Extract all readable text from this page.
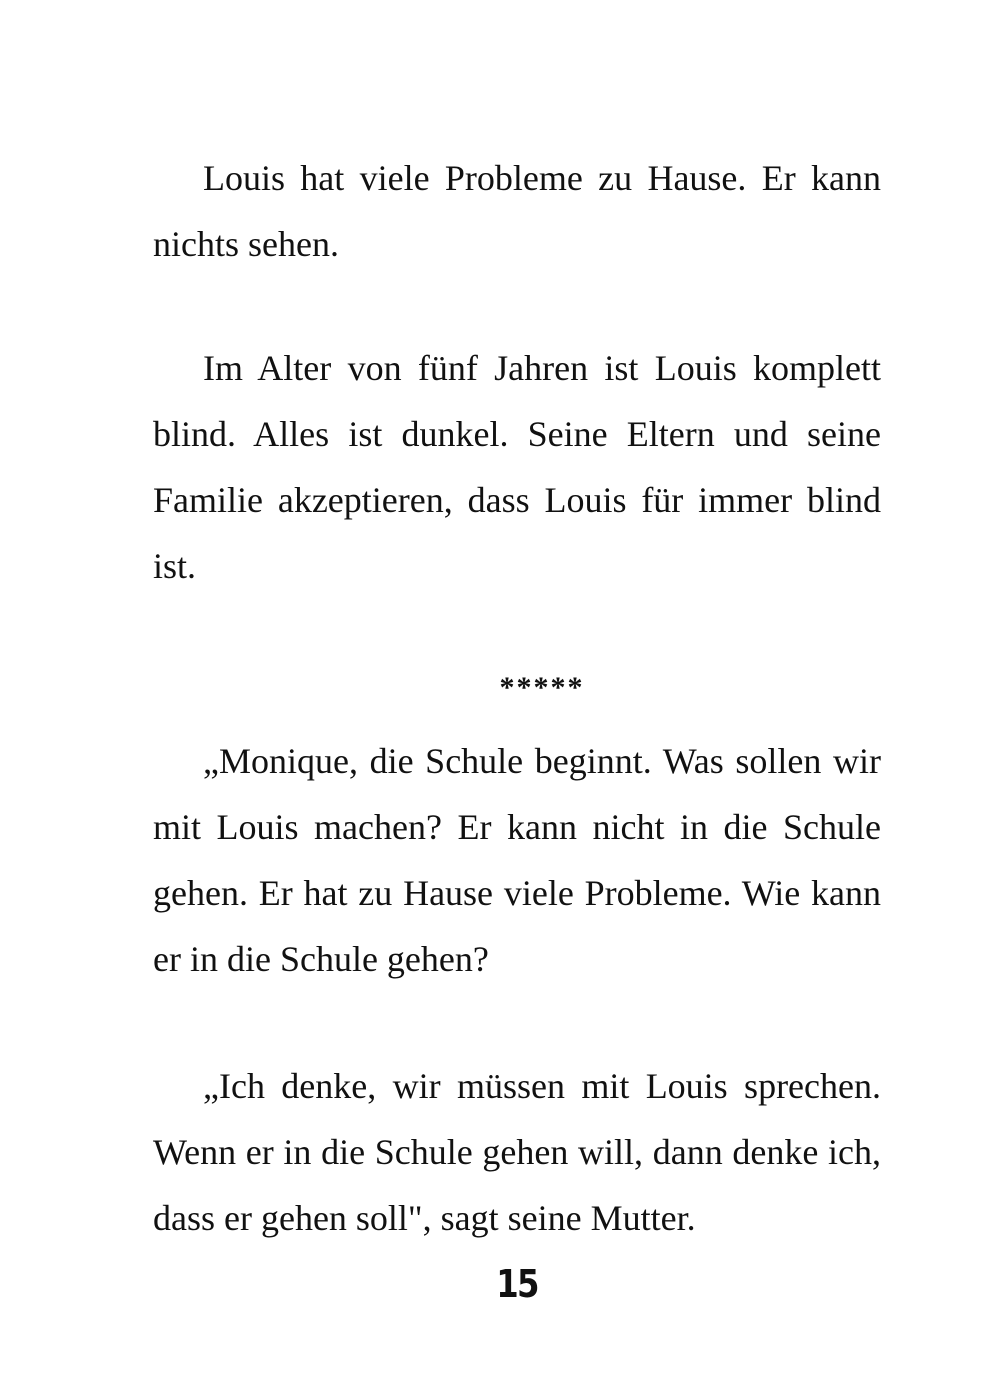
Louis hat viele Probleme zu Hause. Er kann nichts sehen.

Im Alter von fünf Jahren ist Louis komplett blind. Alles ist dunkel. Seine Eltern und seine Familie akzeptieren, dass Louis für immer blind ist.

*****

„Monique, die Schule beginnt. Was sollen wir mit Louis machen? Er kann nicht in die Schule gehen. Er hat zu Hause viele Probleme. Wie kann er in die Schule gehen?

„Ich denke, wir müssen mit Louis sprechen. Wenn er in die Schule gehen will, dann denke ich, dass er gehen soll", sagt seine Mutter.

15
